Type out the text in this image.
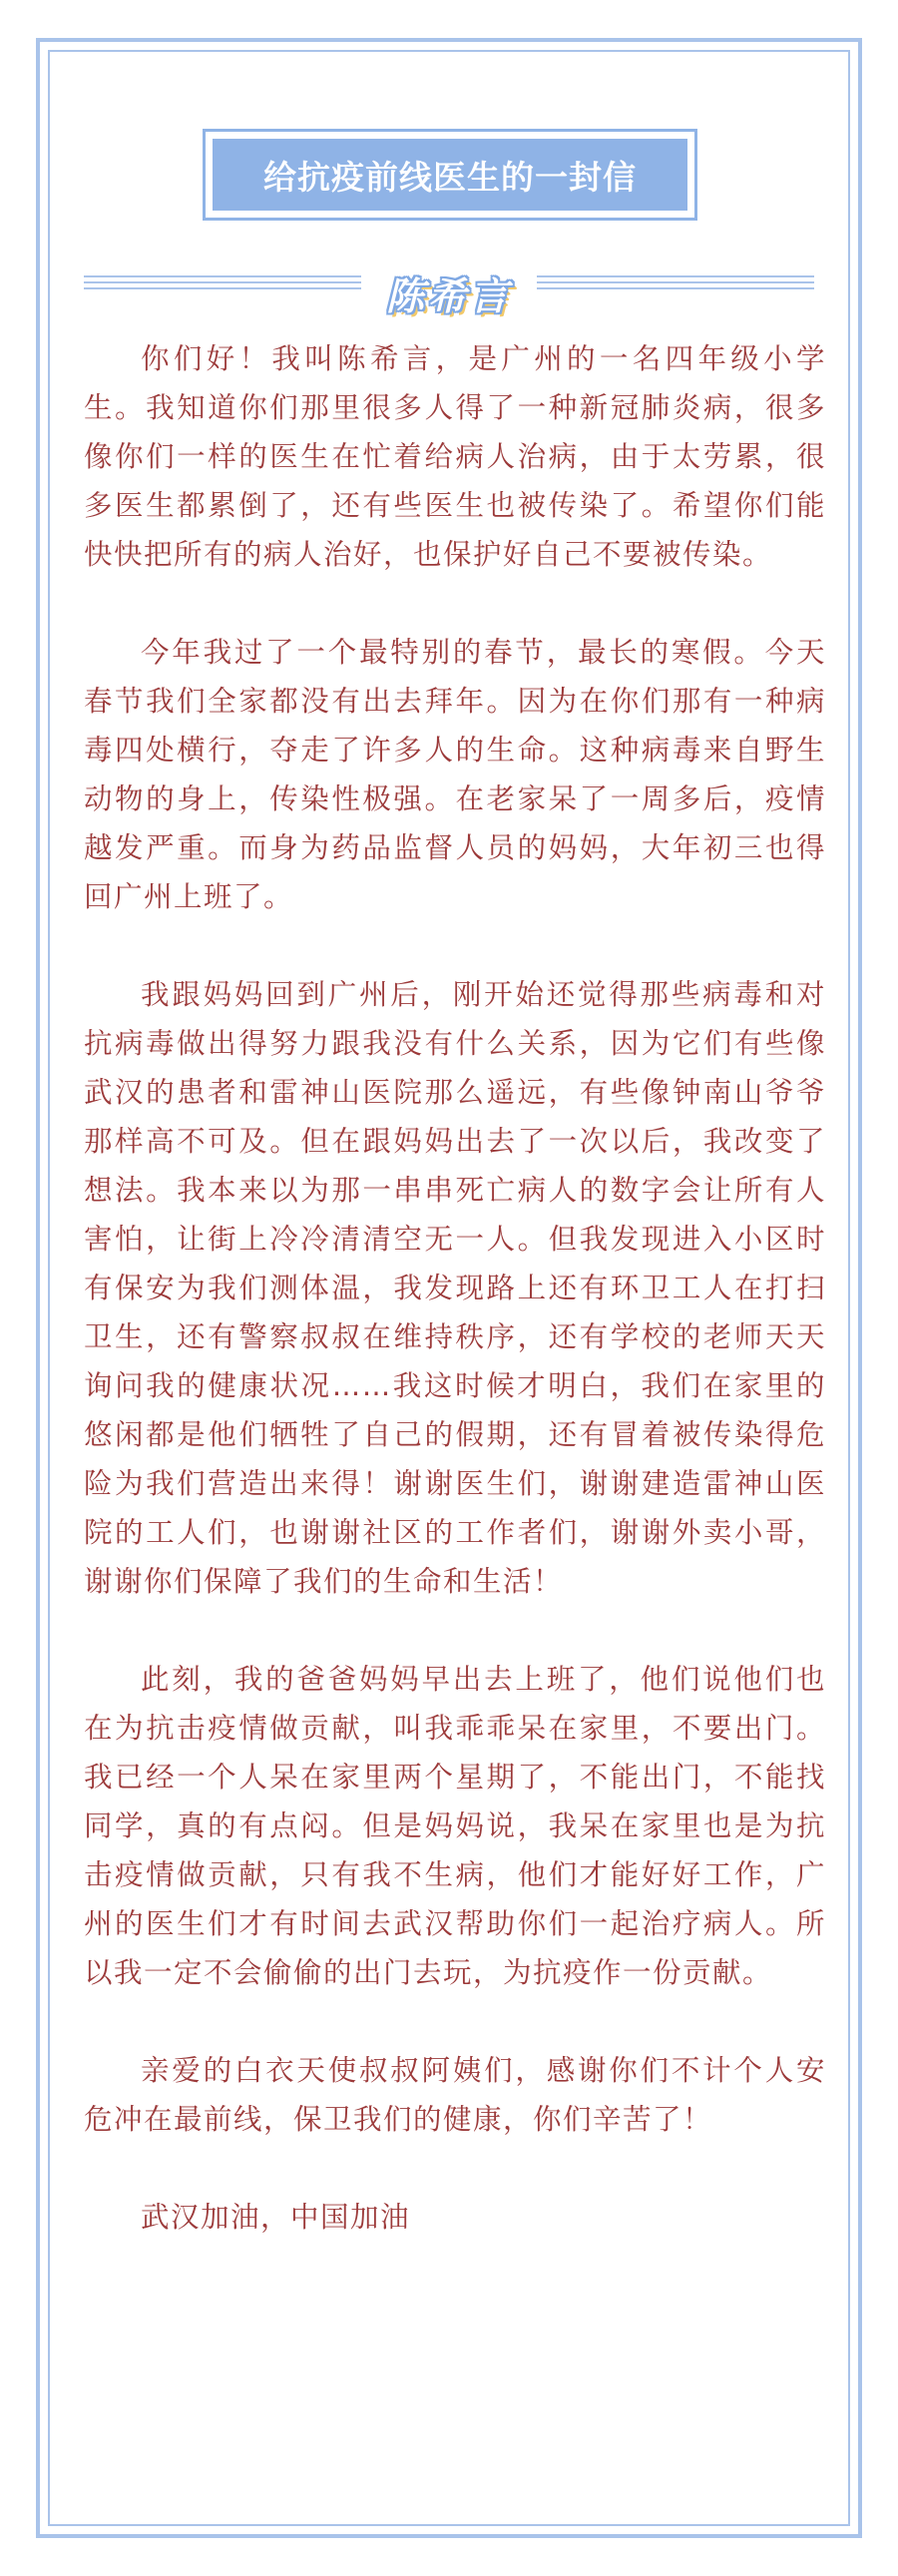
给抗疫前线医生的一封信
陈希言

你们好！我叫陈希言，是广州的一名四年级小学生。我知道你们那里很多人得了一种新冠肺炎病，很多像你们一样的医生在忙着给病人治病，由于太劳累，很多医生都累倒了，还有些医生也被传染了。希望你们能快快把所有的病人治好，也保护好自己不要被传染。

今年我过了一个最特别的春节，最长的寒假。今天春节我们全家都没有出去拜年。因为在你们那有一种病毒四处横行，夺走了许多人的生命。这种病毒来自野生动物的身上，传染性极强。在老家呆了一周多后，疫情越发严重。而身为药品监督人员的妈妈，大年初三也得回广州上班了。

我跟妈妈回到广州后，刚开始还觉得那些病毒和对抗病毒做出得努力跟我没有什么关系，因为它们有些像武汉的患者和雷神山医院那么遥远，有些像钟南山爷爷那样高不可及。但在跟妈妈出去了一次以后，我改变了想法。我本来以为那一串串死亡病人的数字会让所有人害怕，让街上冷冷清清空无一人。但我发现进入小区时有保安为我们测体温，我发现路上还有环卫工人在打扫卫生，还有警察叔叔在维持秩序，还有学校的老师天天询问我的健康状况……我这时候才明白，我们在家里的悠闲都是他们牺牲了自己的假期，还有冒着被传染得危险为我们营造出来得！谢谢医生们，谢谢建造雷神山医院的工人们，也谢谢社区的工作者们，谢谢外卖小哥，谢谢你们保障了我们的生命和生活！

此刻，我的爸爸妈妈早出去上班了，他们说他们也在为抗击疫情做贡献，叫我乖乖呆在家里，不要出门。我已经一个人呆在家里两个星期了，不能出门，不能找同学，真的有点闷。但是妈妈说，我呆在家里也是为抗击疫情做贡献，只有我不生病，他们才能好好工作，广州的医生们才有时间去武汉帮助你们一起治疗病人。所以我一定不会偷偷的出门去玩，为抗疫作一份贡献。

亲爱的白衣天使叔叔阿姨们，感谢你们不计个人安危冲在最前线，保卫我们的健康，你们辛苦了！

武汉加油，中国加油
